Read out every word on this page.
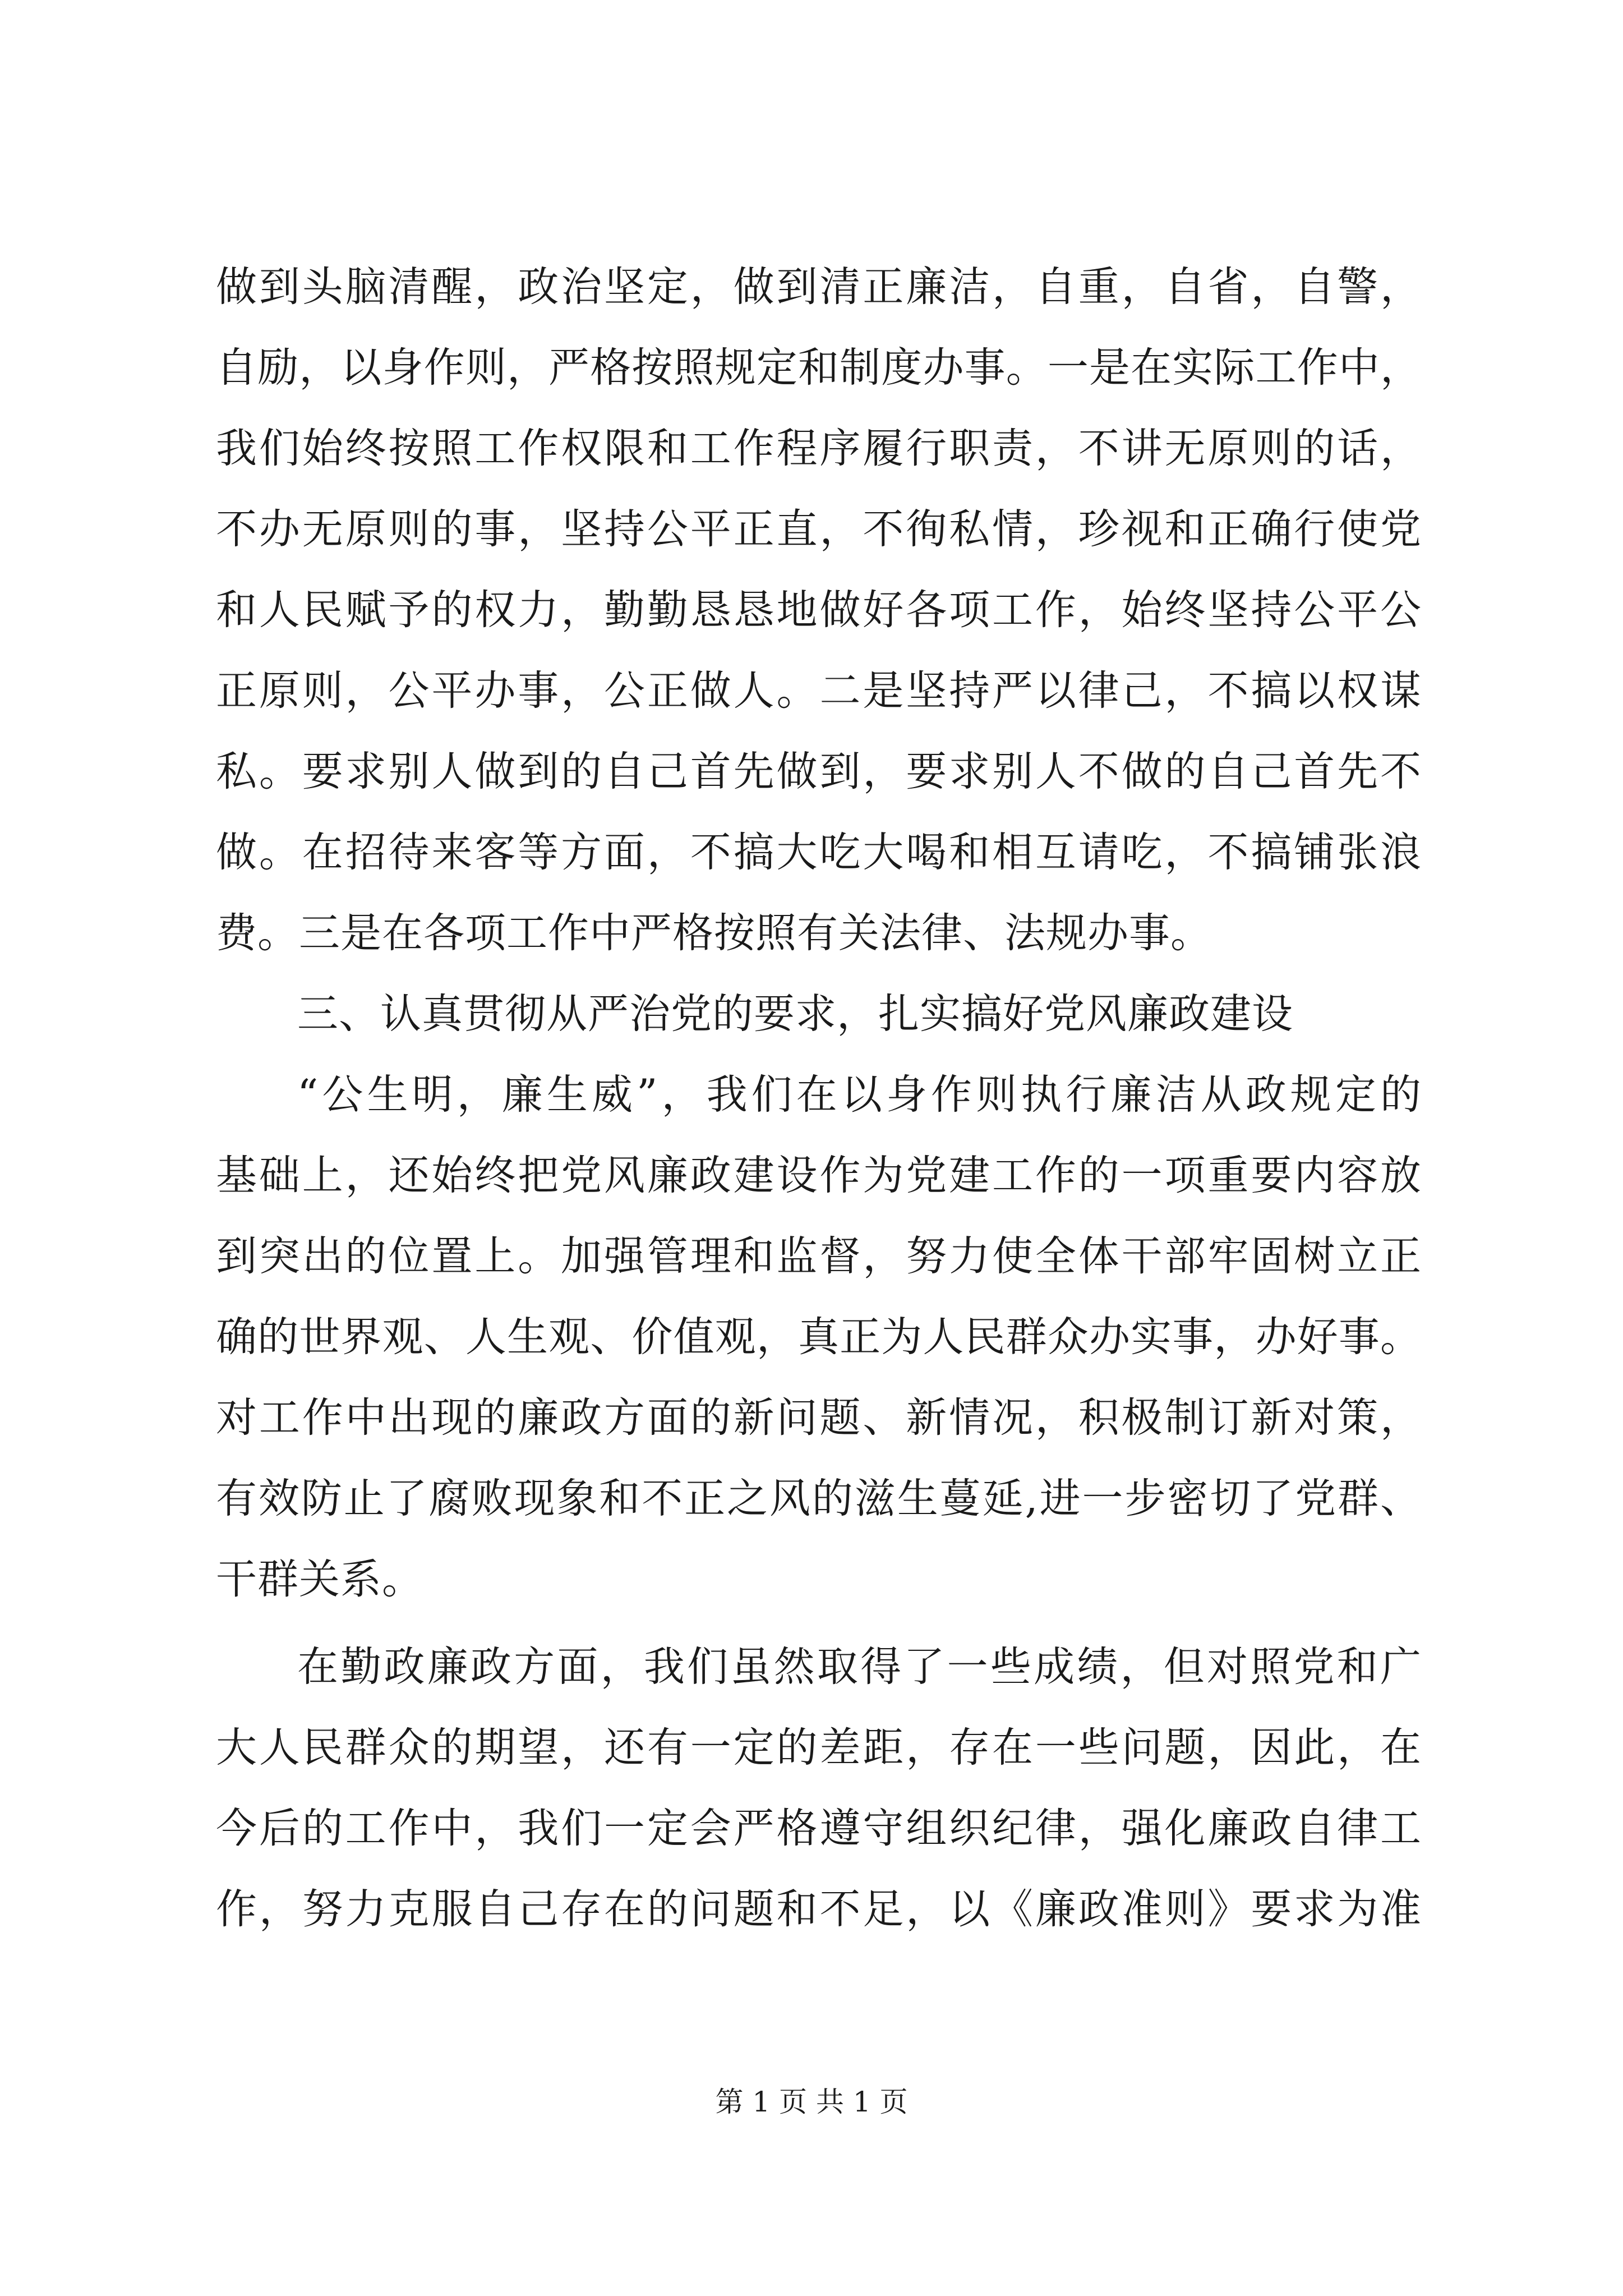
做到头脑清醒，政治坚定，做到清正廉洁，自重，自省，自警，
自励，以身作则，严格按照规定和制度办事。一是在实际工作中，
我们始终按照工作权限和工作程序履行职责，不讲无原则的话，
不办无原则的事，坚持公平正直，不徇私情，珍视和正确行使党
和人民赋予的权力，勤勤恳恳地做好各项工作，始终坚持公平公
正原则，公平办事，公正做人。二是坚持严以律己，不搞以权谋
私。要求别人做到的自己首先做到，要求别人不做的自己首先不
做。在招待来客等方面，不搞大吃大喝和相互请吃，不搞铺张浪
费。三是在各项工作中严格按照有关法律、法规办事。
三、认真贯彻从严治党的要求，扎实搞好党风廉政建设
“公生明，廉生威”，我们在以身作则执行廉洁从政规定的
基础上，还始终把党风廉政建设作为党建工作的一项重要内容放
到突出的位置上。加强管理和监督，努力使全体干部牢固树立正
确的世界观、人生观、价值观，真正为人民群众办实事，办好事。
对工作中出现的廉政方面的新问题、新情况，积极制订新对策，
有效防止了腐败现象和不正之风的滋生蔓延,进一步密切了党群、
干群关系。
在勤政廉政方面，我们虽然取得了一些成绩，但对照党和广
大人民群众的期望，还有一定的差距，存在一些问题，因此，在
今后的工作中，我们一定会严格遵守组织纪律，强化廉政自律工
作，努力克服自己存在的问题和不足，以《廉政准则》要求为准
第 1 页 共 1 页
